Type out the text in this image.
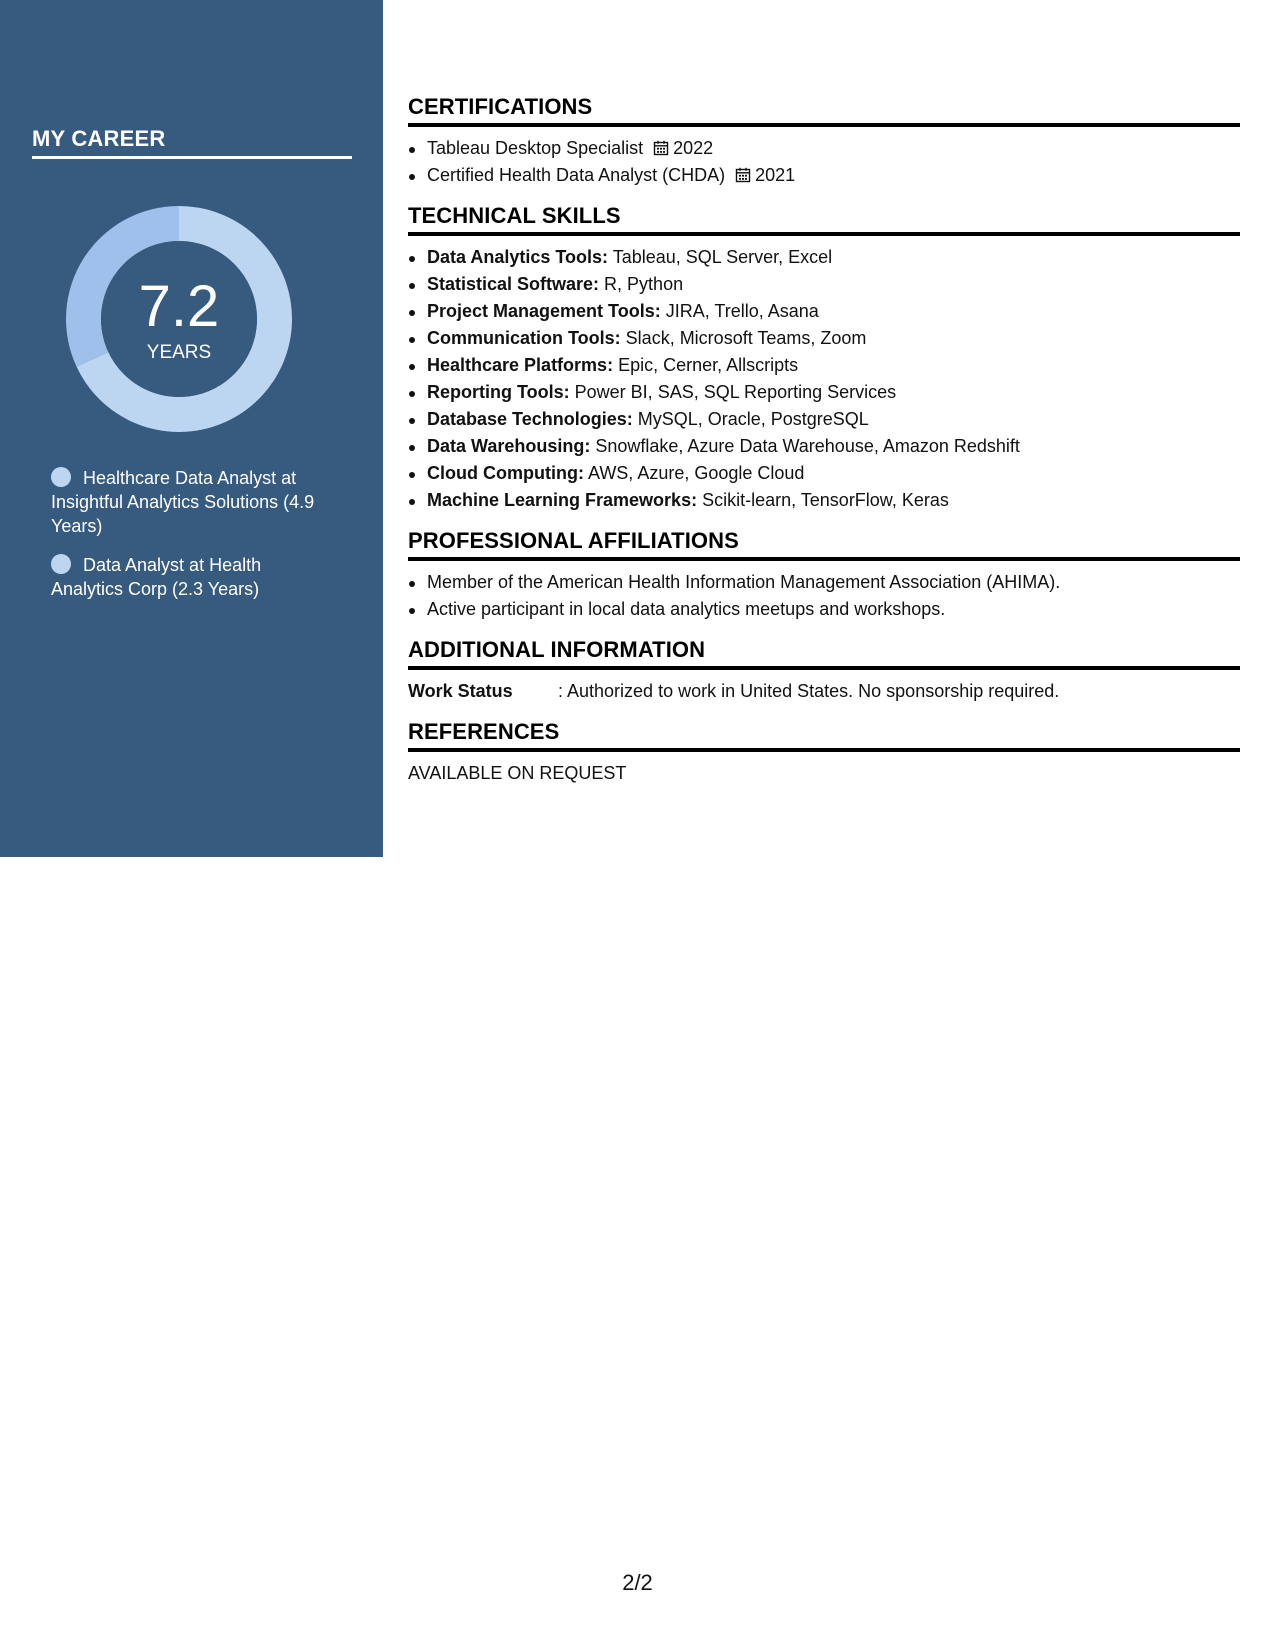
MY CAREER
7.2
YEARS
Healthcare Data Analyst at Insightful Analytics Solutions (4.9 Years)
Data Analyst at Health Analytics Corp (2.3 Years)
CERTIFICATIONS
Tableau Desktop Specialist 2022
Certified Health Data Analyst (CHDA) 2021
TECHNICAL SKILLS
Data Analytics Tools: Tableau, SQL Server, Excel
Statistical Software: R, Python
Project Management Tools: JIRA, Trello, Asana
Communication Tools: Slack, Microsoft Teams, Zoom
Healthcare Platforms: Epic, Cerner, Allscripts
Reporting Tools: Power BI, SAS, SQL Reporting Services
Database Technologies: MySQL, Oracle, PostgreSQL
Data Warehousing: Snowflake, Azure Data Warehouse, Amazon Redshift
Cloud Computing: AWS, Azure, Google Cloud
Machine Learning Frameworks: Scikit-learn, TensorFlow, Keras
PROFESSIONAL AFFILIATIONS
Member of the American Health Information Management Association (AHIMA).
Active participant in local data analytics meetups and workshops.
ADDITIONAL INFORMATION
Work Status	: Authorized to work in United States. No sponsorship required.
REFERENCES
AVAILABLE ON REQUEST
2/2
